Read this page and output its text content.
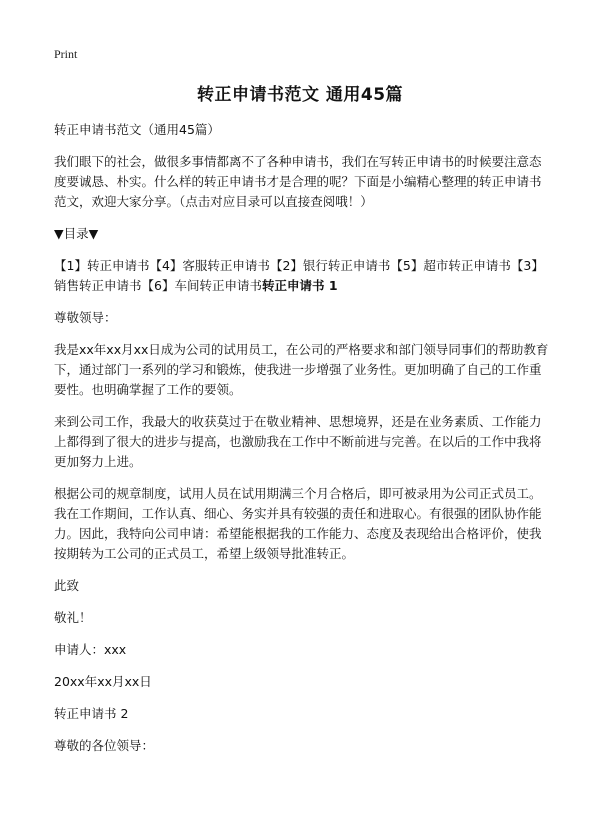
Print
转正申请书范文 通用45篇

转正申请书范文（通用45篇）

我们眼下的社会，做很多事情都离不了各种申请书，我们在写转正申请书的时候要注意态度要诚恳、朴实。什么样的转正申请书才是合理的呢？下面是小编精心整理的转正申请书范文，欢迎大家分享。（点击对应目录可以直接查阅哦！）

▼目录▼

【1】转正申请书【4】客服转正申请书【2】银行转正申请书【5】超市转正申请书【3】销售转正申请书【6】车间转正申请书转正申请书 1

尊敬领导：

我是xx年xx月xx日成为公司的试用员工，在公司的严格要求和部门领导同事们的帮助教育下，通过部门一系列的学习和锻炼，使我进一步增强了业务性。更加明确了自己的工作重要性。也明确掌握了工作的要领。

来到公司工作，我最大的收获莫过于在敬业精神、思想境界，还是在业务素质、工作能力上都得到了很大的进步与提高，也激励我在工作中不断前进与完善。在以后的工作中我将更加努力上进。

根据公司的规章制度，试用人员在试用期满三个月合格后，即可被录用为公司正式员工。我在工作期间，工作认真、细心、务实并具有较强的责任和进取心。有很强的团队协作能力。因此，我特向公司申请：希望能根据我的工作能力、态度及表现给出合格评价，使我按期转为工公司的正式员工，希望上级领导批准转正。

此致

敬礼！

申请人：xxx

20xx年xx月xx日

转正申请书 2

尊敬的各位领导：
